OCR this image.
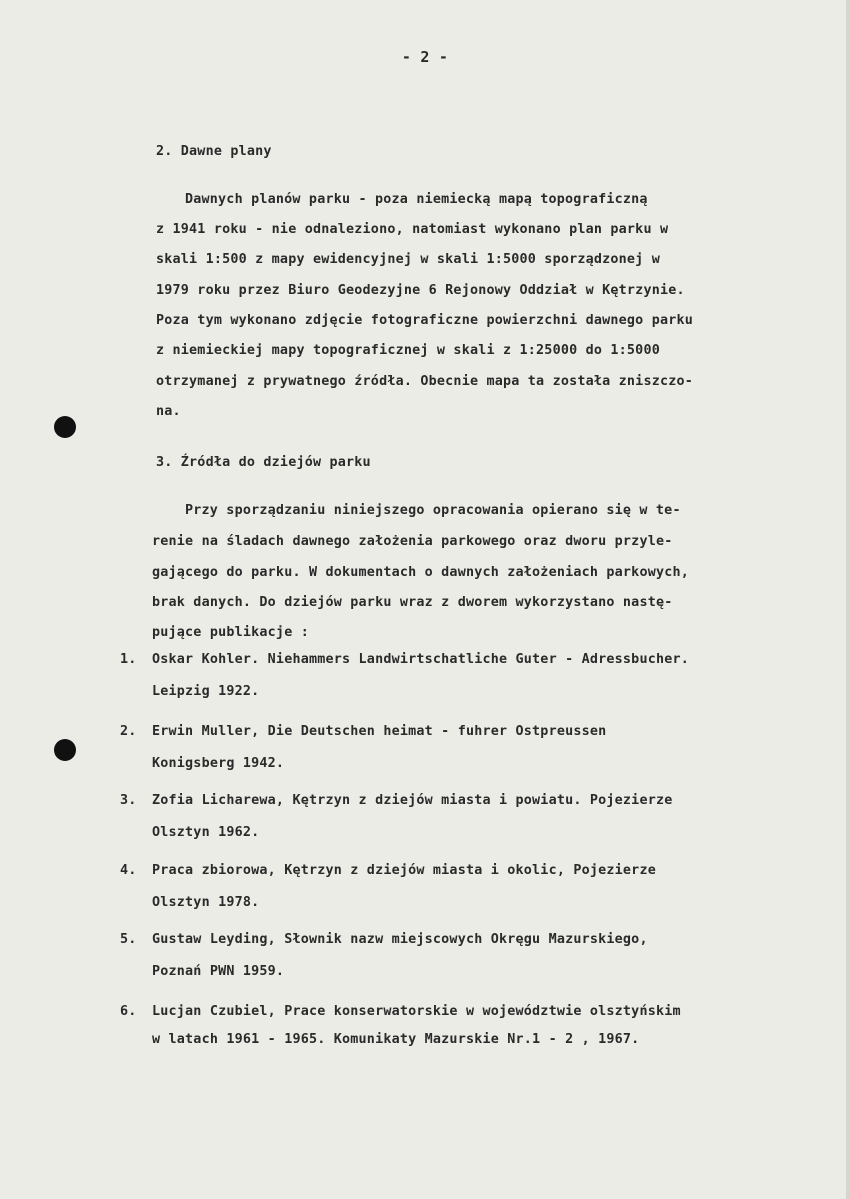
- 2 -
2. Dawne plany
Dawnych planów parku - poza niemiecką mapą topograficzną
z 1941 roku - nie odnaleziono, natomiast wykonano plan parku w
skali 1:500 z mapy ewidencyjnej w skali 1:5000 sporządzonej w
1979 roku przez Biuro Geodezyjne 6 Rejonowy Oddział w Kętrzynie.
Poza tym wykonano zdjęcie fotograficzne powierzchni dawnego parku
z niemieckiej mapy topograficznej w skali z 1:25000 do 1:5000
otrzymanej z prywatnego źródła. Obecnie mapa ta została zniszczo-
na.
3. Źródła do dziejów parku
Przy sporządzaniu niniejszego opracowania opierano się w te-
renie na śladach dawnego założenia parkowego oraz dworu przyle-
gającego do parku. W dokumentach o dawnych założeniach parkowych,
brak danych. Do dziejów parku wraz z dworem wykorzystano nastę-
pujące publikacje :
1. Oskar Kohler. Niehammers Landwirtschatliche Guter - Adressbucher.
Leipzig 1922.
2. Erwin Muller, Die Deutschen heimat - fuhrer Ostpreussen
Konigsberg 1942.
3. Zofia Licharewa, Kętrzyn z dziejów miasta i powiatu. Pojezierze
Olsztyn 1962.
4. Praca zbiorowa, Kętrzyn z dziejów miasta i okolic, Pojezierze
Olsztyn 1978.
5. Gustaw Leyding, Słownik nazw miejscowych Okręgu Mazurskiego,
Poznań PWN 1959.
6. Lucjan Czubiel, Prace konserwatorskie w województwie olsztyńskim
w latach 1961 - 1965. Komunikaty Mazurskie Nr.1 - 2 , 1967.
